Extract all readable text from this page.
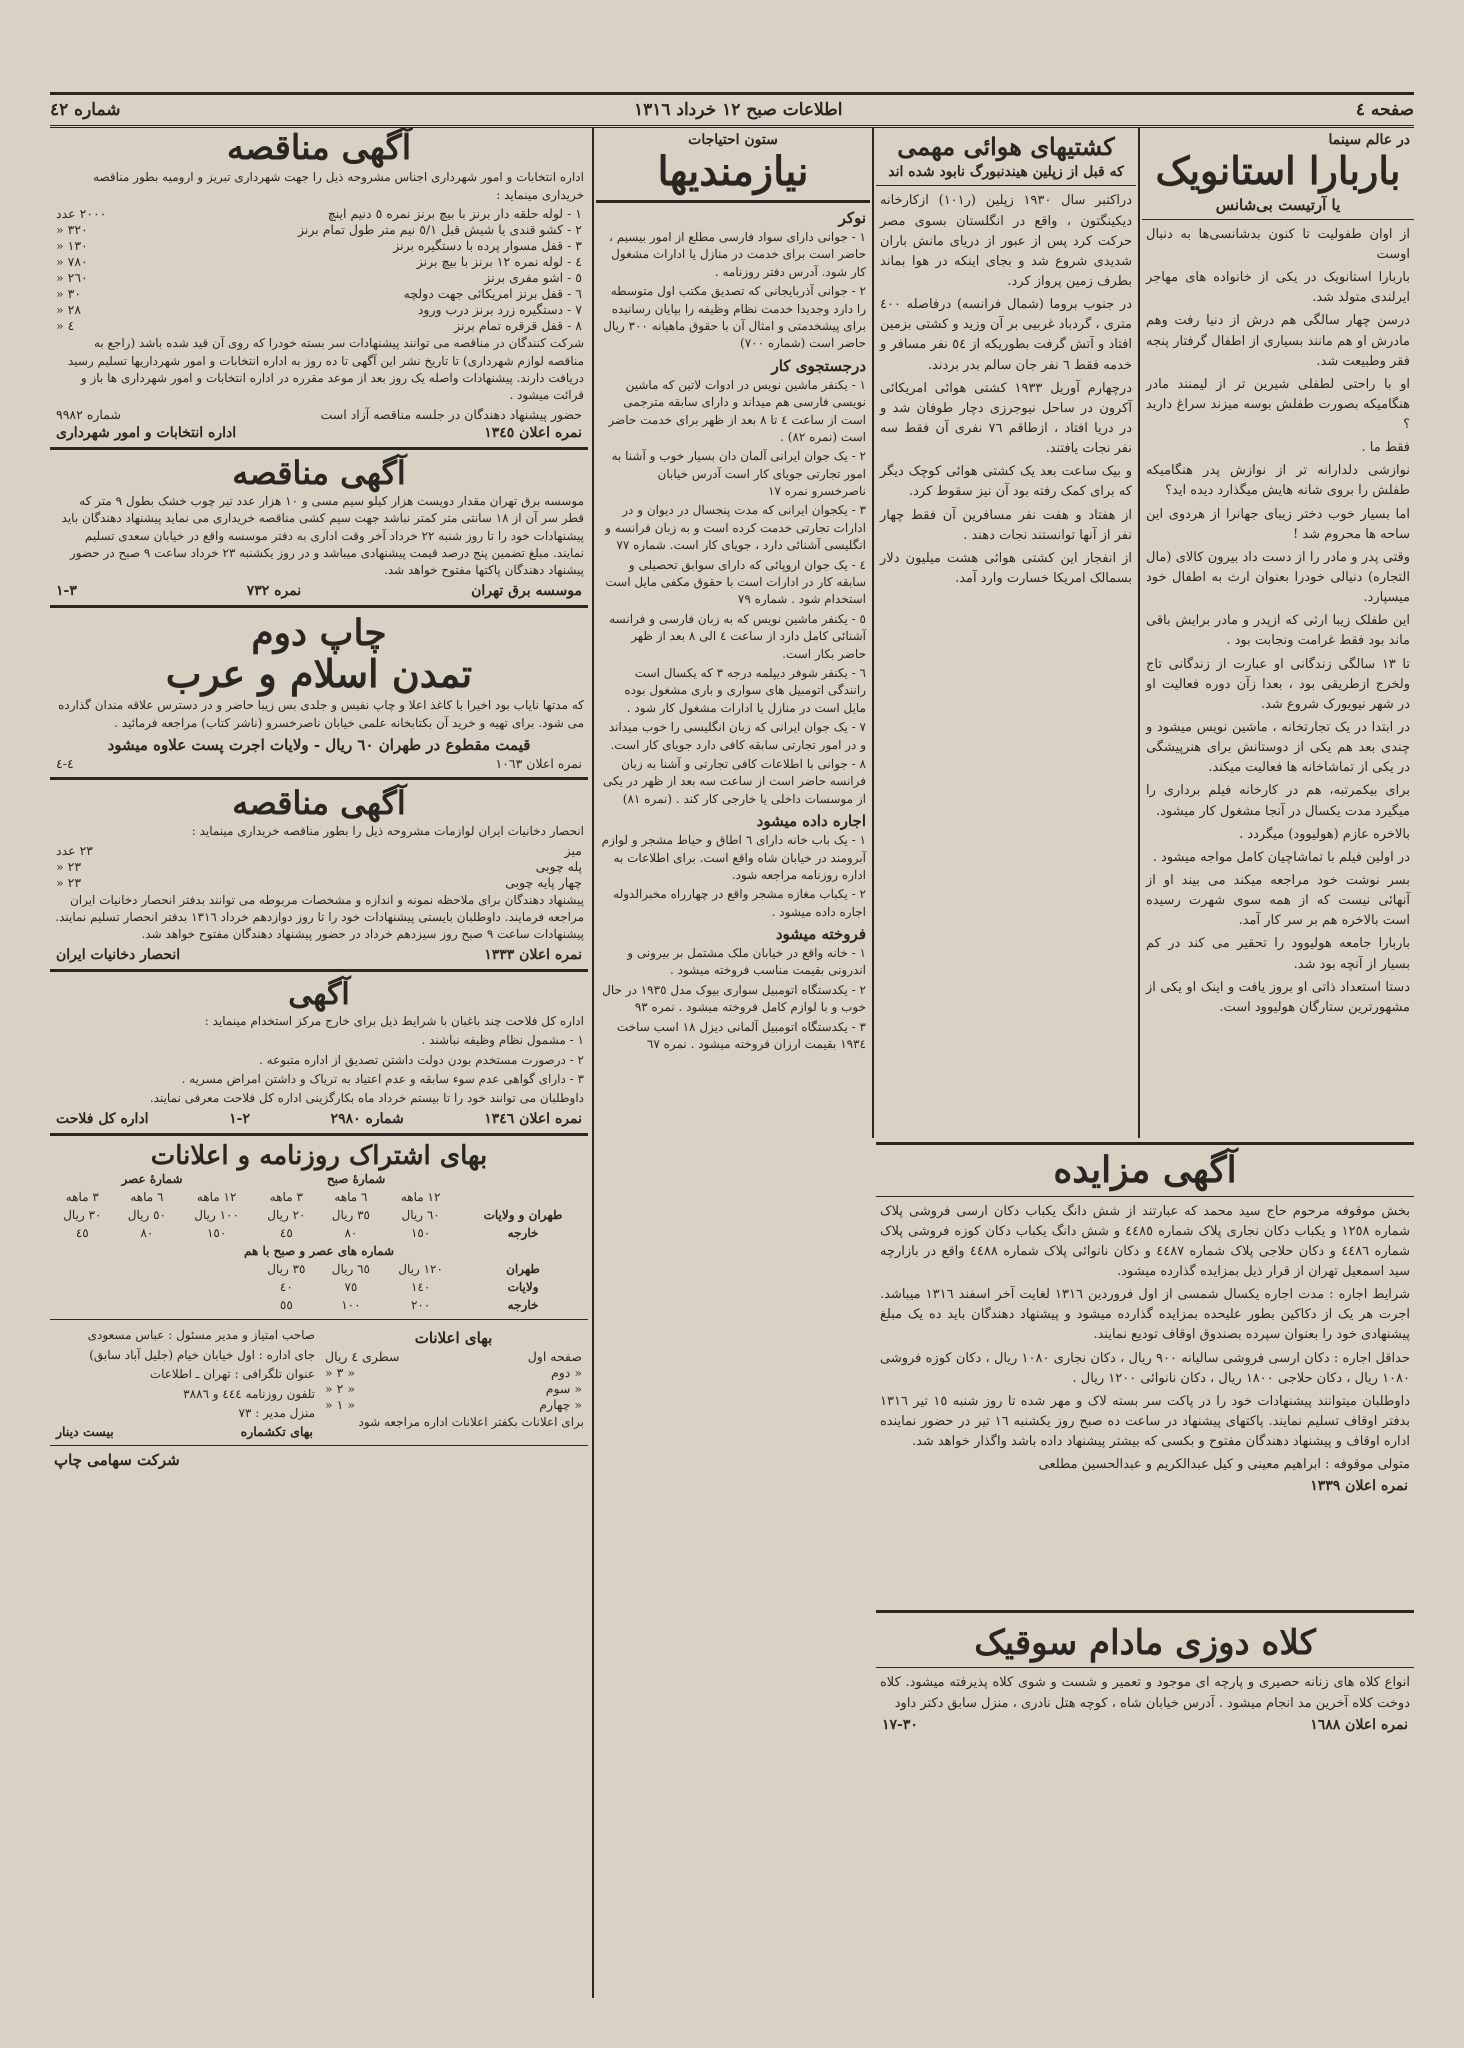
صفحه ٤
اطلاعات صبح ١٢ خرداد ١٣١٦
شماره ٤٢
در عالم سینما
باربارا استانویک
یا آرتیست بی‌شانس

از اوان طفولیت تا کنون بدشانسی‌ها به دنبال اوست

باربارا استانویک در یکی از خانواده های مهاجر ایرلندی متولد شد.

درسن چهار سالگی هم درش از دنیا رفت وهم مادرش او هم مانند بسیاری از اطفال گرفتار پنجه فقر وطبیعت شد.

او با راحتی لطفلی شیرین تر از لیمنند مادر هنگامیکه بصورت طفلش بوسه میزند سراغ دارید ؟

فقط ما .

نوازشی دلدارانه تر از نوازش پدر هنگامیکه طفلش را بروی شانه هایش میگذارد دیده اید؟

اما بسیار خوب دختر زیبای جهانرا از هردوی این ساحه ها محروم شد !

وقتی پدر و مادر را از دست داد بیرون کالای (مال التجاره) دنیالی خودرا بعنوان ارث به اطفال خود میسپارد.

این طفلک زیبا ارثی که ازپدر و مادر برایش باقی ماند بود فقط غرامت ونجابت بود .

تا ١٣ سالگی زندگانی او عبارت از زندگانی تاج ولخرج ازطریقی بود ، بعدا زآن دوره فعالیت او در شهر نیویورک شروع شد.

در ابتدا در یک تجارتخانه ، ماشین نویس میشود و چندی بعد هم یکی از دوستانش برای هنرپیشگی در یکی از تماشاخانه ها فعالیت میکند.

برای بیکمرتبه، هم در کارخانه فیلم برداری را میگیرد مدت یکسال در آنجا مشغول کار میشود.

بالاخره عازم (هولیوود) میگردد .

در اولین فیلم با تماشاچیان کامل مواجه میشود .

بسر نوشت خود مراجعه میکند می بیند او از آنهائی نیست که از همه سوی شهرت رسیده است بالاخره هم بر سر کار آمد.

باربارا جامعه هولیوود را تحقیر می کند در کم بسیار از آنچه بود شد.

دستا استعداد ذاتی او بروز یافت و اینک او یکی از مشهورترین ستارگان هولیوود است.

کشتیهای هوائی مهمی
که قبل از زپلین هیندنبورگ نابود شده اند

دراکتبر سال ١٩٣٠ زپلین (ر١٠١) ازکارخانه دیکینگتون ، واقع در انگلستان بسوی مصر حرکت کرد پس از عبور از دریای مانش باران شدیدی شروع شد و بجای اینکه در هوا بماند بطرف زمین پرواز کرد.

در جنوب بروما (شمال فرانسه) درفاصله ٤٠٠ متری ، گردباد غربیی بر آن وزید و کشتی بزمین افتاد و آتش گرفت بطوریکه از ٥٤ نفر مسافر و خدمه فقط ٦ نفر جان سالم بدر بردند.

درچهارم آوریل ١٩٣٣ کشتی هوائی امریکائی آکرون در ساحل نیوجرزی دچار طوفان شد و در دریا افتاد ، ازطاقم ٧٦ نفری آن فقط سه نفر نجات یافتند.

و بیک ساعت بعد یک کشتی هوائی کوچک دیگر که برای کمک رفته بود آن نیز سقوط کرد.

از هفتاد و هفت نفر مسافرین آن فقط چهار نفر از آنها توانستند نجات دهند .

از انفجار این کشتی هوائی هشت میلیون دلار بسمالک امریکا خسارت وارد آمد.

ستون احتیاجات
نیازمندیها
نوکر

١ - جوانی دارای سواد فارسی مطلع از امور بیسیم ، حاضر است برای خدمت در منازل یا ادارات مشغول کار شود. آدرس دفتر روزنامه .

٢ - جوانی آذربایجانی که تصدیق مکتب اول متوسطه را دارد وجدیدا خدمت نظام وظیفه را بپایان رسانیده برای پیشخدمتی و امثال آن با حقوق ماهیانه ٣٠٠ ریال حاضر است (شماره ٧٠٠)

درجستجوی کار

١ - یکنفر ماشین نویس در ادوات لاتین که ماشین نویسی فارسی هم میداند و دارای سابقه مترجمی است از ساعت ٤ تا ٨ بعد از ظهر برای خدمت حاضر است (نمره ٨٢) .

٢ - یک جوان ایرانی آلمان دان بسیار خوب و آشنا به امور تجارتی جویای کار است آدرس خیابان ناصرخسرو نمره ١٧

٣ - یکجوان ایرانی که مدت پنجسال در دیوان و در ادارات تجارتی خدمت کرده است و به زبان فرانسه و انگلیسی آشنائی دارد ، جویای کار است. شماره ٧٧

٤ - یک جوان اروپائی که دارای سوابق تحصیلی و سابقه کار در ادارات است با حقوق مکفی مایل است استخدام شود . شماره ٧٩

٥ - یکنفر ماشین نویس که به زبان فارسی و فرانسه آشنائی کامل دارد از ساعت ٤ الی ٨ بعد از ظهر حاضر بکار است.

٦ - یکنفر شوفر دیپلمه درجه ٣ که یکسال است رانندگی اتومبیل های سواری و باری مشغول بوده مایل است در منازل یا ادارات مشغول کار شود .

٧ - یک جوان ایرانی که زبان انگلیسی را خوب میداند و در امور تجارتی سابقه کافی دارد جویای کار است.

٨ - جوانی با اطلاعات کافی تجارتی و آشنا به زبان فرانسه حاضر است از ساعت سه بعد از ظهر در یکی از موسسات داخلی یا خارجی کار کند . (نمره ٨١)

اجاره داده میشود

١ - یک باب خانه دارای ٦ اطاق و حیاط مشجر و لوازم آبرومند در خیابان شاه واقع است. برای اطلاعات به اداره روزنامه مراجعه شود.

٢ - یکباب مغازه مشجر واقع در چهارراه مخبرالدوله اجاره داده میشود .

فروخته میشود

١ - خانه واقع در خیابان ملک مشتمل بر بیرونی و اندرونی بقیمت مناسب فروخته میشود .

٢ - یکدستگاه اتومبیل سواری بیوک مدل ١٩٣٥ در حال خوب و با لوازم کامل فروخته میشود . نمره ٩٣

٣ - یکدستگاه اتومبیل آلمانی دیزل ١٨ اسب ساخت ١٩٣٤ بقیمت ارزان فروخته میشود . نمره ٦٧

آگهی مزایده

بخش موقوفه مرحوم حاج سید محمد که عبارتند از شش دانگ یکباب دکان ارسی فروشی پلاک شماره ١٢٥٨ و یکباب دکان نجاری پلاک شماره ٤٤٨٥ و شش دانگ یکباب دکان کوزه فروشی پلاک شماره ٤٤٨٦ و دکان حلاجی پلاک شماره ٤٤٨٧ و دکان نانوائی پلاک شماره ٤٤٨٨ واقع در بازارچه سید اسمعیل تهران از قرار ذیل بمزایده گذارده میشود.

شرایط اجاره : مدت اجاره یکسال شمسی از اول فروردین ١٣١٦ لغایت آخر اسفند ١٣١٦ میباشد. اجرت هر یک از دکاکین بطور علیحده بمزایده گذارده میشود و پیشنهاد دهندگان باید ده یک مبلغ پیشنهادی خود را بعنوان سپرده بصندوق اوقاف تودیع نمایند.

حداقل اجاره : دکان ارسی فروشی سالیانه ٩٠٠ ریال ، دکان نجاری ١٠٨٠ ریال ، دکان کوزه فروشی ١٠٨٠ ریال ، دکان حلاجی ١٨٠٠ ریال ، دکان نانوائی ١٢٠٠ ریال .

داوطلبان میتوانند پیشنهادات خود را در پاکت سر بسته لاک و مهر شده تا روز شنبه ١٥ تیر ١٣١٦ بدفتر اوقاف تسلیم نمایند. پاکتهای پیشنهاد در ساعت ده صبح روز یکشنبه ١٦ تیر در حضور نماینده اداره اوقاف و پیشنهاد دهندگان مفتوح و بکسی که بیشتر پیشنهاد داده باشد واگذار خواهد شد.

متولی موقوفه : ابراهیم معینی و کیل عبدالکریم و عبدالحسین مطلعی

نمره اعلان ١٣٣٩
کلاه دوزی مادام سوقیک

انواع کلاه های زنانه حصیری و پارچه ای موجود و تعمیر و شست و شوی کلاه پذیرفته میشود. کلاه دوخت کلاه آخرین مد انجام میشود . آدرس خیابان شاه ، کوچه هتل نادری ، منزل سابق دکتر داود

نمره اعلان ١٦٨٨
٣٠-١٧
آگهی مناقصه

اداره انتخابات و امور شهرداری اجناس مشروحه ذیل را جهت شهرداری تبریز و ارومیه بطور مناقصه خریداری مینماید :

١ - لوله حلقه دار برنز با بیچ برنز نمره ٥ دنیم اینچ
٢٠٠٠ عدد
٢ - کشو قندی یا شیش قبل ٥/١ نیم متر طول تمام برنز
٣٢٠ «
٣ - قفل مسوار پرده با دستگیره برنز
١٣٠ «
٤ - لوله نمره ١٢ برنز با بیچ برنز
٧٨٠ «
٥ - اشو مفری برنز
٢٦٠ «
٦ - قفل برنز امریکائی جهت دولچه
٣٠ «
٧ - دستگیره زرد برنز درب ورود
٢٨ «
٨ - قفل قرقره تمام برنز
٤ «

شرکت کنندگان در مناقصه می توانند پیشنهادات سر بسته خودرا که روی آن قید شده باشد (راجع به مناقصه لوازم شهرداری) تا تاریخ نشر این آگهی تا ده روز به اداره انتخابات و امور شهرداریها تسلیم رسید دریافت دارند. پیشنهادات واصله یک روز بعد از موعد مقرره در اداره انتخابات و امور شهرداری ها باز و قرائت میشود .

حضور پیشنهاد دهندگان در جلسه مناقصه آزاد است
شماره ٩٩٨٢
نمره اعلان ١٣٤٥
اداره انتخابات و امور شهرداری
آگهی مناقصه

موسسه برق تهران مقدار دویست هزار کیلو سیم مسی و ١٠ هزار عدد تیر چوب خشک بطول ٩ متر که قطر سر آن از ١٨ سانتی متر کمتر نباشد جهت سیم کشی مناقصه خریداری می نماید پیشنهاد دهندگان باید پیشنهادات خود را تا روز شنبه ٢٢ خرداد آخر وقت اداری به دفتر موسسه واقع در خیابان سعدی تسلیم نمایند. مبلغ تضمین پنج درصد قیمت پیشنهادی میباشد و در روز یکشنبه ٢٣ خرداد ساعت ٩ صبح در حضور پیشنهاد دهندگان پاکتها مفتوح خواهد شد.

موسسه برق تهران
نمره ٧٣٢
٣-١
چاپ دوم
تمدن اسلام و عرب

که مدتها نایاب بود اخیرا با کاغذ اعلا و چاپ نفیس و جلدی بس زیبا حاضر و در دسترس علاقه مندان گذارده می شود. برای تهیه و خرید آن بکتابخانه علمی خیابان ناصرخسرو (ناشر کتاب) مراجعه فرمائید .

قیمت مقطوع در طهران ٦٠ ریال - ولایات اجرت پست علاوه میشود
نمره اعلان ١٠٦٣
٤-٤
آگهی مناقصه

انحصار دخانیات ایران لوازمات مشروحه ذیل را بطور مناقصه خریداری مینماید :

میز
٢٣ عدد
پله چوبی
٢٣ «
چهار پایه چوبی
٢٣ «

پیشنهاد دهندگان برای ملاحظه نمونه و اندازه و مشخصات مربوطه می توانند بدفتر انحصار دخانیات ایران مراجعه فرمایند. داوطلبان بایستی پیشنهادات خود را تا روز دوازدهم خرداد ١٣١٦ بدفتر انحصار تسلیم نمایند. پیشنهادات ساعت ٩ صبح روز سیزدهم خرداد در حضور پیشنهاد دهندگان مفتوح خواهد شد.

نمره اعلان ١٣٣٣
انحصار دخانیات ایران
آگهی

اداره کل فلاحت چند باغبان با شرایط ذیل برای خارج مرکز استخدام مینماید :

١ - مشمول نظام وظیفه نباشند .

٢ - درصورت مستخدم بودن دولت داشتن تصدیق از اداره متبوعه .

٣ - دارای گواهی عدم سوء سابقه و عدم اعتیاد به تریاک و داشتن امراض مسریه .

داوطلبان می توانند خود را تا بیستم خرداد ماه بکارگزینی اداره کل فلاحت معرفی نمایند.

نمره اعلان ١٣٤٦
شماره ٢٩٨٠
٢-١
اداره کل فلاحت
بهای اشتراک روزنامه و اعلانات
	شمارهٔ صبح			شمارهٔ عصر		
	١٢ ماهه	٦ ماهه	٣ ماهه	١٢ ماهه	٦ ماهه	٣ ماهه
طهران و ولایات	٦٠ ریال	٣٥ ریال	٢٠ ریال	١٠٠ ریال	٥٠ ریال	٣٠ ریال
خارجه	١٥٠	٨٠	٤٥	١٥٠	٨٠	٤٥
شماره های عصر و صبح با هم						
طهران	١٢٠ ریال	٦٥ ریال	٣٥ ریال			
ولایات	١٤٠	٧٥	٤٠			
خارجه	٢٠٠	١٠٠	٥٥			
بهای اعلانات
صفحه اول
سطری ٤ ریال
« دوم
« ٣ «
« سوم
« ٢ «
« چهارم
« ١ «
برای اعلانات بکفتر اعلانات اداره مراجعه شود
صاحب امتیاز و مدیر مسئول : عباس مسعودی
جای اداره : اول خیابان خیام (جلیل آباد سابق)
عنوان تلگرافی : تهران ـ اطلاعات
تلفون روزنامه ٤٤٤ و ٣٨٨٦
منزل مدیر : ٧٣
بهای تکشماره
بیست دینار
شرکت سهامی چاپ
